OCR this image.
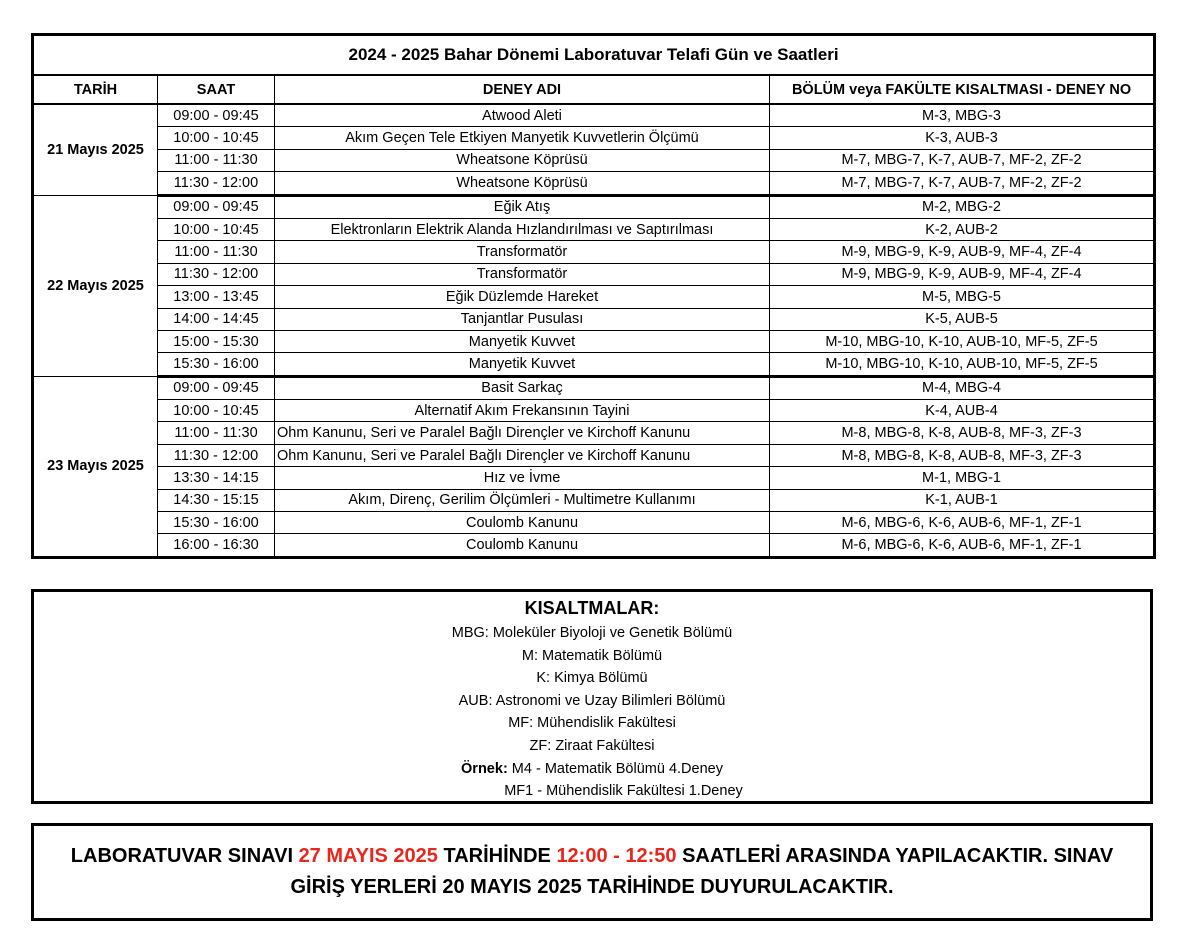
2024 - 2025 Bahar Dönemi Laboratuvar Telafi Gün ve Saatleri			
TARİH	SAAT	DENEY ADI	BÖLÜM veya FAKÜLTE KISALTMASI - DENEY NO
21 Mayıs 2025	09:00 - 09:45	Atwood Aleti	M-3, MBG-3
	10:00 - 10:45	Akım Geçen Tele Etkiyen Manyetik Kuvvetlerin Ölçümü	K-3, AUB-3
	11:00 - 11:30	Wheatsone Köprüsü	M-7, MBG-7, K-7, AUB-7, MF-2, ZF-2
	11:30 - 12:00	Wheatsone Köprüsü	M-7, MBG-7, K-7, AUB-7, MF-2, ZF-2
22 Mayıs 2025	09:00 - 09:45	Eğik Atış	M-2, MBG-2
	10:00 - 10:45	Elektronların Elektrik Alanda Hızlandırılması ve Saptırılması	K-2, AUB-2
	11:00 - 11:30	Transformatör	M-9, MBG-9, K-9, AUB-9, MF-4, ZF-4
	11:30 - 12:00	Transformatör	M-9, MBG-9, K-9, AUB-9, MF-4, ZF-4
	13:00 - 13:45	Eğik Düzlemde Hareket	M-5, MBG-5
	14:00 - 14:45	Tanjantlar Pusulası	K-5, AUB-5
	15:00 - 15:30	Manyetik Kuvvet	M-10, MBG-10, K-10, AUB-10, MF-5, ZF-5
	15:30 - 16:00	Manyetik Kuvvet	M-10, MBG-10, K-10, AUB-10, MF-5, ZF-5
23 Mayıs 2025	09:00 - 09:45	Basit Sarkaç	M-4, MBG-4
	10:00 - 10:45	Alternatif Akım Frekansının Tayini	K-4, AUB-4
	11:00 - 11:30	Ohm Kanunu, Seri ve Paralel Bağlı Dirençler ve Kirchoff Kanunu	M-8, MBG-8, K-8, AUB-8, MF-3, ZF-3
	11:30 - 12:00	Ohm Kanunu, Seri ve Paralel Bağlı Dirençler ve Kirchoff Kanunu	M-8, MBG-8, K-8, AUB-8, MF-3, ZF-3
	13:30 - 14:15	Hız ve İvme	M-1, MBG-1
	14:30 - 15:15	Akım, Direnç, Gerilim Ölçümleri - Multimetre Kullanımı	K-1, AUB-1
	15:30 - 16:00	Coulomb Kanunu	M-6, MBG-6, K-6, AUB-6, MF-1, ZF-1
	16:00 - 16:30	Coulomb Kanunu	M-6, MBG-6, K-6, AUB-6, MF-1, ZF-1
KISALTMALAR:
MBG: Moleküler Biyoloji ve Genetik Bölümü
M: Matematik Bölümü
K: Kimya Bölümü
AUB: Astronomi ve Uzay Bilimleri Bölümü
MF: Mühendislik Fakültesi
ZF: Ziraat Fakültesi
Örnek: M4 - Matematik Bölümü 4.Deney
MF1 - Mühendislik Fakültesi 1.Deney
LABORATUVAR SINAVI 27 MAYIS 2025 TARİHİNDE 12:00 - 12:50 SAATLERİ ARASINDA YAPILACAKTIR. SINAV
GİRİŞ YERLERİ 20 MAYIS 2025 TARİHİNDE DUYURULACAKTIR.
